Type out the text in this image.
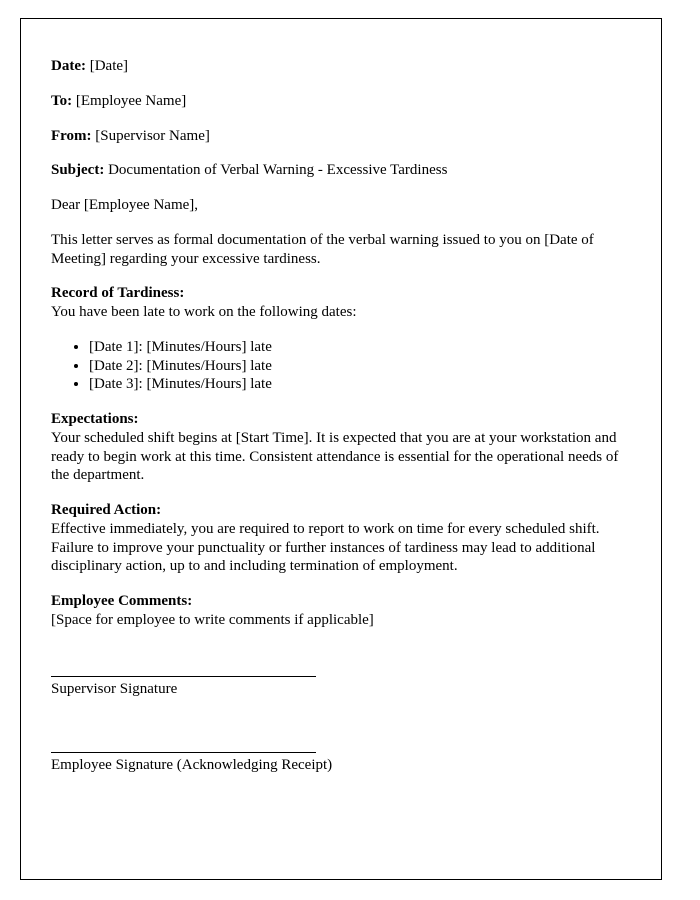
Date: [Date]

To: [Employee Name]

From: [Supervisor Name]

Subject: Documentation of Verbal Warning - Excessive Tardiness

Dear [Employee Name],

This letter serves as formal documentation of the verbal warning issued to you on [Date of Meeting] regarding your excessive tardiness.

Record of Tardiness:
You have been late to work on the following dates:

• [Date 1]: [Minutes/Hours] late
• [Date 2]: [Minutes/Hours] late
• [Date 3]: [Minutes/Hours] late

Expectations:
Your scheduled shift begins at [Start Time]. It is expected that you are at your workstation and ready to begin work at this time. Consistent attendance is essential for the operational needs of the department.

Required Action:
Effective immediately, you are required to report to work on time for every scheduled shift. Failure to improve your punctuality or further instances of tardiness may lead to additional disciplinary action, up to and including termination of employment.

Employee Comments:
[Space for employee to write comments if applicable]

Supervisor Signature
Employee Signature (Acknowledging Receipt)
